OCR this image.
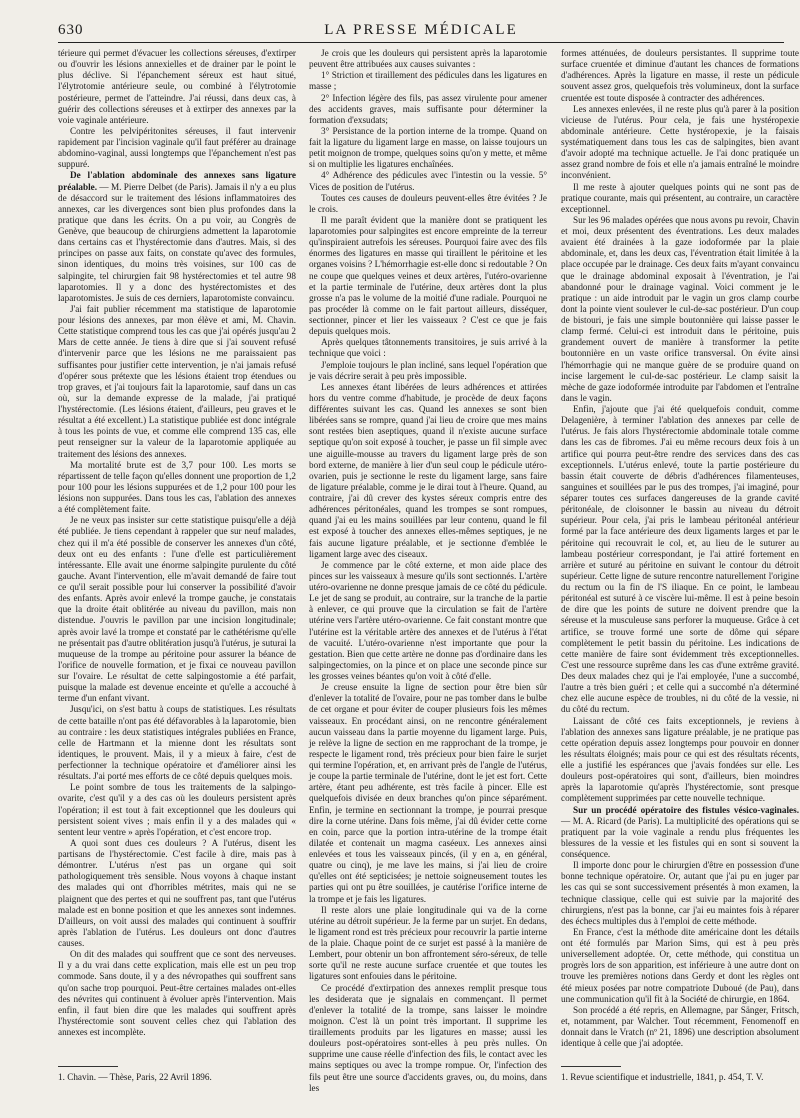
630	LA PRESSE MÉDICALE

térieure qui permet d'évacuer les collections séreuses, d'extirper ou d'ouvrir les lésions annexielles et de drainer par le point le plus déclive. Si l'épanchement séreux est haut situé, l'élytrotomie antérieure seule, ou combiné à l'élytrotomie postérieure, permet de l'atteindre. J'ai réussi, dans deux cas, à guérir des collections séreuses et à extirper des annexes par la voie vaginale antérieure.

Contre les pelvipéritonites séreuses, il faut intervenir rapidement par l'incision vaginale qu'il faut préférer au drainage abdomino-vaginal, aussi longtemps que l'épanchement n'est pas suppuré.

De l'ablation abdominale des annexes sans ligature préalable. — M. Pierre Delbet (de Paris). Jamais il n'y a eu plus de désaccord sur le traitement des lésions inflammatoires des annexes, car les divergences sont bien plus profondes dans la pratique que dans les écrits. On a pu voir, au Congrès de Genève, que beaucoup de chirurgiens admettent la laparotomie dans certains cas et l'hystérectomie dans d'autres. Mais, si des principes on passe aux faits, on constate qu'avec des formules, sinon identiques, du moins très voisines, sur 100 cas de salpingite, tel chirurgien fait 98 hystérectomies et tel autre 98 laparotomies. Il y a donc des hystérectomistes et des laparotomistes. Je suis de ces derniers, laparotomiste convaincu.

J'ai fait publier récemment ma statistique de laparotomie pour lésions des annexes, par mon élève et ami, M. Chavin. Cette statistique comprend tous les cas que j'ai opérés jusqu'au 2 Mars de cette année. Je tiens à dire que si j'ai souvent refusé d'intervenir parce que les lésions ne me paraissaient pas suffisantes pour justifier cette intervention, je n'ai jamais refusé d'opérer sous prétexte que les lésions étaient trop étendues ou trop graves, et j'ai toujours fait la laparotomie, sauf dans un cas où, sur la demande expresse de la malade, j'ai pratiqué l'hystérectomie. (Les lésions étaient, d'ailleurs, peu graves et le résultat a été excellent.) La statistique publiée est donc intégrale à tous les points de vue, et comme elle comprend 135 cas, elle peut renseigner sur la valeur de la laparotomie appliquée au traitement des lésions des annexes.

Ma mortalité brute est de 3,7 pour 100. Les morts se répartissent de telle façon qu'elles donnent une proportion de 1,2 pour 100 pour les lésions suppurées et de 1,2 pour 100 pour les lésions non suppurées. Dans tous les cas, l'ablation des annexes a été complètement faite.

Je ne veux pas insister sur cette statistique puisqu'elle a déjà été publiée. Je tiens cependant à rappeler que sur neuf malades, chez qui il m'a été possible de conserver les annexes d'un côté, deux ont eu des enfants : l'une d'elle est particulièrement intéressante. Elle avait une énorme salpingite purulente du côté gauche. Avant l'intervention, elle m'avait demandé de faire tout ce qu'il serait possible pour lui conserver la possibilité d'avoir des enfants. Après avoir enlevé la trompe gauche, je constatais que la droite était oblitérée au niveau du pavillon, mais non distendue. J'ouvris le pavillon par une incision longitudinale; après avoir lavé la trompe et constaté par le cathétérisme qu'elle ne présentait pas d'autre oblitération jusqu'à l'utérus, je suturai la muqueuse de la trompe au péritoine pour assurer la béance de l'orifice de nouvelle formation, et je fixai ce nouveau pavillon sur l'ovaire. Le résultat de cette salpingostomie a été parfait, puisque la malade est devenue enceinte et qu'elle a accouché à terme d'un enfant vivant.

Jusqu'ici, on s'est battu à coups de statistiques. Les résultats de cette bataille n'ont pas été défavorables à la laparotomie, bien au contraire : les deux statistiques intégrales publiées en France, celle de Hartmann et la mienne dont les résultats sont identiques, le prouvent. Mais, il y a mieux à faire, c'est de perfectionner la technique opératoire et d'améliorer ainsi les résultats. J'ai porté mes efforts de ce côté depuis quelques mois.

Le point sombre de tous les traitements de la salpingo-ovarite, c'est qu'il y a des cas où les douleurs persistent après l'opération; il est tout à fait exceptionnel que les douleurs qui persistent soient vives ; mais enfin il y a des malades qui « sentent leur ventre » après l'opération, et c'est encore trop.

A quoi sont dues ces douleurs ? A l'utérus, disent les partisans de l'hystérectomie. C'est facile à dire, mais pas à démontrer. L'utérus n'est pas un organe qui soit pathologiquement très sensible. Nous voyons à chaque instant des malades qui ont d'horribles métrites, mais qui ne se plaignent que des pertes et qui ne souffrent pas, tant que l'utérus malade est en bonne position et que les annexes sont indemnes. D'ailleurs, on voit aussi des malades qui continuent à souffrir après l'ablation de l'utérus. Les douleurs ont donc d'autres causes.

On dit des malades qui souffrent que ce sont des nerveuses. Il y a du vrai dans cette explication, mais elle est un peu trop commode. Sans doute, il y a des névropathes qui souffrent sans qu'on sache trop pourquoi. Peut-être certaines malades ont-elles des névrites qui continuent à évoluer après l'intervention. Mais enfin, il faut bien dire que les malades qui souffrent après l'hystérectomie sont souvent celles chez qui l'ablation des annexes est incomplète.

Je crois que les douleurs qui persistent après la laparotomie peuvent être attribuées aux causes suivantes :

1° Striction et tiraillement des pédicules dans les ligatures en masse ;

2° Infection légère des fils, pas assez virulente pour amener des accidents graves, mais suffisante pour déterminer la formation d'exsudats;

3° Persistance de la portion interne de la trompe. Quand on fait la ligature du ligament large en masse, on laisse toujours un petit moignon de trompe, quelques soins qu'on y mette, et même si on multiplie les ligatures enchaînées.

4° Adhérence des pédicules avec l'intestin ou la vessie. 5° Vices de position de l'utérus.

Toutes ces causes de douleurs peuvent-elles être évitées ? Je le crois.

Il me paraît évident que la manière dont se pratiquent les laparotomies pour salpingites est encore empreinte de la terreur qu'inspiraient autrefois les séreuses. Pourquoi faire avec des fils énormes des ligatures en masse qui tiraillent le péritoine et les organes voisins ? L'hémorrhagie est-elle donc si redoutable ? On ne coupe que quelques veines et deux artères, l'utéro-ovarienne et la partie terminale de l'utérine, deux artères dont la plus grosse n'a pas le volume de la moitié d'une radiale. Pourquoi ne pas procéder là comme on le fait partout ailleurs, disséquer, sectionner, pincer et lier les vaisseaux ? C'est ce que je fais depuis quelques mois.

Après quelques tâtonnements transitoires, je suis arrivé à la technique que voici :

J'emploie toujours le plan incliné, sans lequel l'opération que je vais décrire serait à peu près impossible.

Les annexes étant libérées de leurs adhérences et attirées hors du ventre comme d'habitude, je procède de deux façons différentes suivant les cas. Quand les annexes se sont bien libérées sans se rompre, quand j'ai lieu de croire que mes mains sont restées bien aseptiques, quand il n'existe aucune surface septique qu'on soit exposé à toucher, je passe un fil simple avec une aiguille-mousse au travers du ligament large près de son bord externe, de manière à lier d'un seul coup le pédicule utéro-ovarien, puis je sectionne le reste du ligament large, sans faire de ligature préalable, comme je le dirai tout à l'heure. Quand, au contraire, j'ai dû crever des kystes séreux compris entre des adhérences péritonéales, quand les trompes se sont rompues, quand j'ai eu les mains souillées par leur contenu, quand le fil est exposé à toucher des annexes elles-mêmes septiques, je ne fais aucune ligature préalable, et je sectionne d'emblée le ligament large avec des ciseaux.

Je commence par le côté externe, et mon aide place des pinces sur les vaisseaux à mesure qu'ils sont sectionnés. L'artère utéro-ovarienne ne donne presque jamais de ce côté du pédicule. Le jet de sang se produit, au contraire, sur la tranche de la partie à enlever, ce qui prouve que la circulation se fait de l'artère utérine vers l'artère utéro-ovarienne. Ce fait constant montre que l'utérine est la véritable artère des annexes et de l'utérus à l'état de vacuité. L'utéro-ovarienne n'est importante que pour la gestation. Bien que cette artère ne donne pas d'ordinaire dans les salpingectomies, on la pince et on place une seconde pince sur les grosses veines béantes qu'on voit à côté d'elle.

Je creuse ensuite la ligne de section pour être bien sûr d'enlever la totalité de l'ovaire, pour ne pas tomber dans le bulbe de cet organe et pour éviter de couper plusieurs fois les mêmes vaisseaux. En procédant ainsi, on ne rencontre généralement aucun vaisseau dans la partie moyenne du ligament large. Puis, je relève la ligne de section en me rapprochant de la trompe, je respecte le ligament rond, très précieux pour bien faire le surjet qui termine l'opération, et, en arrivant près de l'angle de l'utérus, je coupe la partie terminale de l'utérine, dont le jet est fort. Cette artère, étant peu adhérente, est très facile à pincer. Elle est quelquefois divisée en deux branches qu'on pince séparément. Enfin, je termine en sectionnant la trompe, je pourrai presque dire la corne utérine. Dans fois même, j'ai dû évider cette corne en coin, parce que la portion intra-utérine de la trompe était dilatée et contenait un magma caséeux. Les annexes ainsi enlevées et tous les vaisseaux pincés, (il y en a, en général, quatre ou cinq), je me lave les mains, si j'ai lieu de croire qu'elles ont été septicisées; je nettoie soigneusement toutes les parties qui ont pu être souillées, je cautérise l'orifice interne de la trompe et je fais les ligatures.

Il reste alors une plaie longitudinale qui va de la corne utérine au détroit supérieur. Je la ferme par un surjet. En dedans, le ligament rond est très précieux pour recouvrir la partie interne de la plaie. Chaque point de ce surjet est passé à la manière de Lembert, pour obtenir un bon affrontement séro-séreux, de telle sorte qu'il ne reste aucune surface cruentée et que toutes les ligatures sont enfouies dans le péritoine.

Ce procédé d'extirpation des annexes remplit presque tous les desiderata que je signalais en commençant. Il permet d'enlever la totalité de la trompe, sans laisser le moindre moignon. C'est là un point très important. Il supprime les tiraillements produits par les ligatures en masse; aussi les douleurs post-opératoires sont-elles à peu près nulles. On supprime une cause réelle d'infection des fils, le contact avec les mains septiques ou avec la trompe rompue. Or, l'infection des fils peut être une source d'accidents graves, ou, du moins, dans les

formes atténuées, de douleurs persistantes. Il supprime toute surface cruentée et diminue d'autant les chances de formations d'adhérences. Après la ligature en masse, il reste un pédicule souvent assez gros, quelquefois très volumineux, dont la surface cruentée est toute disposée à contracter des adhérences.

Les annexes enlevées, il ne reste plus qu'à parer à la position vicieuse de l'utérus. Pour cela, je fais une hystéropexie abdominale antérieure. Cette hystéropexie, je la faisais systématiquement dans tous les cas de salpingites, bien avant d'avoir adopté ma technique actuelle. Je l'ai donc pratiquée un assez grand nombre de fois et elle n'a jamais entraîné le moindre inconvénient.

Il me reste à ajouter quelques points qui ne sont pas de pratique courante, mais qui présentent, au contraire, un caractère exceptionnel.

Sur les 96 malades opérées que nous avons pu revoir, Chavin et moi, deux présentent des éventrations. Les deux malades avaient été drainées à la gaze iodoformée par la plaie abdominale, et, dans les deux cas, l'éventration était limitée à la place occupée par le drainage. Ces deux faits m'ayant convaincu que le drainage abdominal exposait à l'éventration, je l'ai abandonné pour le drainage vaginal. Voici comment je le pratique : un aide introduit par le vagin un gros clamp courbe dont la pointe vient soulever le cul-de-sac postérieur. D'un coup de bistouri, je fais une simple boutonnière qui laisse passer le clamp fermé. Celui-ci est introduit dans le péritoine, puis grandement ouvert de manière à transformer la petite boutonnière en un vaste orifice transversal. On évite ainsi l'hémorrhagie qui ne manque guère de se produire quand on incise largement le cul-de-sac postérieur. Le clamp saisit la mèche de gaze iodoformée introduite par l'abdomen et l'entraîne dans le vagin.

Enfin, j'ajoute que j'ai été quelquefois conduit, comme Delagenière, à terminer l'ablation des annexes par celle de l'utérus. Je fais alors l'hystérectomie abdominale totale comme dans les cas de fibromes. J'ai eu même recours deux fois à un artifice qui pourra peut-être rendre des services dans des cas exceptionnels. L'utérus enlevé, toute la partie postérieure du bassin était couverte de débris d'adhérences filamenteuses, sanguines et souillées par le pus des trompes, j'ai imaginé, pour séparer toutes ces surfaces dangereuses de la grande cavité péritonéale, de cloisonner le bassin au niveau du détroit supérieur. Pour cela, j'ai pris le lambeau péritonéal antérieur formé par la face antérieure des deux ligaments larges et par le péritoine qui recouvrait le col, et, au lieu de le suturer au lambeau postérieur correspondant, je l'ai attiré fortement en arrière et suturé au péritoine en suivant le contour du détroit supérieur. Cette ligne de suture rencontre naturellement l'origine du rectum ou la fin de l'S iliaque. En ce point, le lambeau péritonéal est suturé à ce viscère lui-même. Il est à peine besoin de dire que les points de suture ne doivent prendre que la séreuse et la musculeuse sans perforer la muqueuse. Grâce à cet artifice, se trouve formé une sorte de dôme qui sépare complètement le petit bassin du péritoine. Les indications de cette manière de faire sont évidemment très exceptionnelles. C'est une ressource suprême dans les cas d'une extrême gravité. Des deux malades chez qui je l'ai employée, l'une a succombé, l'autre a très bien guéri ; et celle qui a succombé n'a déterminé chez elle aucune espèce de troubles, ni du côté de la vessie, ni du côté du rectum.

Laissant de côté ces faits exceptionnels, je reviens à l'ablation des annexes sans ligature préalable, je ne pratique pas cette opération depuis assez longtemps pour pouvoir en donner les résultats éloignés; mais pour ce qui est des résultats récents, elle a justifié les espérances que j'avais fondées sur elle. Les douleurs post-opératoires qui sont, d'ailleurs, bien moindres après la laparotomie qu'après l'hystérectomie, sont presque complètement supprimées par cette nouvelle technique.

Sur un procédé opératoire des fistules vésico-vaginales. — M. A. Ricard (de Paris). La multiplicité des opérations qui se pratiquent par la voie vaginale a rendu plus fréquentes les blessures de la vessie et les fistules qui en sont si souvent la conséquence.

Il importe donc pour le chirurgien d'être en possession d'une bonne technique opératoire. Or, autant que j'ai pu en juger par les cas qui se sont successivement présentés à mon examen, la technique classique, celle qui est suivie par la majorité des chirurgiens, n'est pas la bonne, car j'ai eu maintes fois à réparer des échecs multiples dus à l'emploi de cette méthode.

En France, c'est la méthode dite américaine dont les détails ont été formulés par Marion Sims, qui est à peu près universellement adoptée. Or, cette méthode, qui constitua un progrès lors de son apparition, est inférieure à une autre dont on trouve les premières notions dans Gerdy et dont les règles ont été mieux posées par notre compatriote Duboué (de Pau), dans une communication qu'il fit à la Société de chirurgie, en 1864.

Son procédé a été repris, en Allemagne, par Sänger, Fritsch, et, notamment, par Walcher. Tout récemment, Fenomenoff en donnait dans le Vratch (nº 21, 1896) une description absolument identique à celle que j'ai adoptée.

1. Chavin. — Thèse, Paris, 22 Avril 1896.	1. Revue scientifique et industrielle, 1841, p. 454, T. V.
